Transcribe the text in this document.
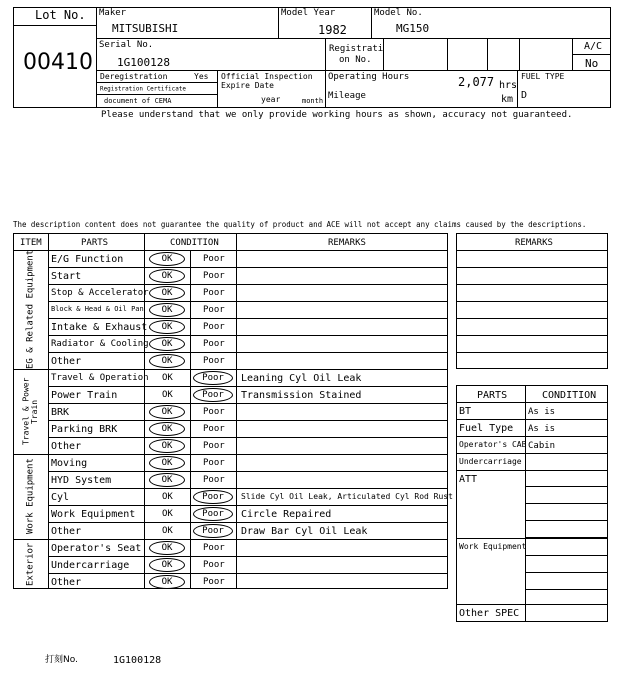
Lot No.
00410
Maker
MITSUBISHI
Model Year
1982
Model No.
MG150
Serial No.
1G100128
Registrati
on No.
A/C
No
Deregistration	Yes
Registration Certificate
document of CEMA
Official Inspection
Expire Date
year	month
Operating Hours	2,077 hrs
Mileage	km
FUEL TYPE
D
Please understand that we only provide working hours as shown, accuracy not guaranteed.
The description content does not guarantee the quality of product and ACE will not accept any claims caused by the descriptions.
ITEM	PARTS	CONDITION	REMARKS
E/G Function	OK	Poor
Start	OK	Poor
Stop & Accelerator	OK	Poor
Block & Head & Oil Pan	OK	Poor
Intake & Exhaust	OK	Poor
Radiator & Cooling	OK	Poor
Other	OK	Poor
EG & Related Equipment
Travel & Operation OK	Poor	Leaning Cyl Oil Leak
Power Train	OK	Poor	Transmission Stained
BRK	OK	Poor
Parking BRK	OK	Poor
Other	OK	Poor
Travel & Power Train
Moving	OK	Poor
HYD System	OK	Poor
Cyl	OK	Poor	Slide Cyl Oil Leak, Articulated Cyl Rod Rust
Work Equipment	OK	Poor	Circle Repaired
Other	OK	Poor	Draw Bar Cyl Oil Leak
Work Equipment
Operator's Seat	OK	Poor
Undercarriage	OK	Poor
Other	OK	Poor
Exterior
REMARKS
PARTS	CONDITION
BT	As is
Fuel Type As is
Operator's CAB Cabin
Undercarriage
ATT
Work Equipment
Other SPEC
打刻No.	1G100128
